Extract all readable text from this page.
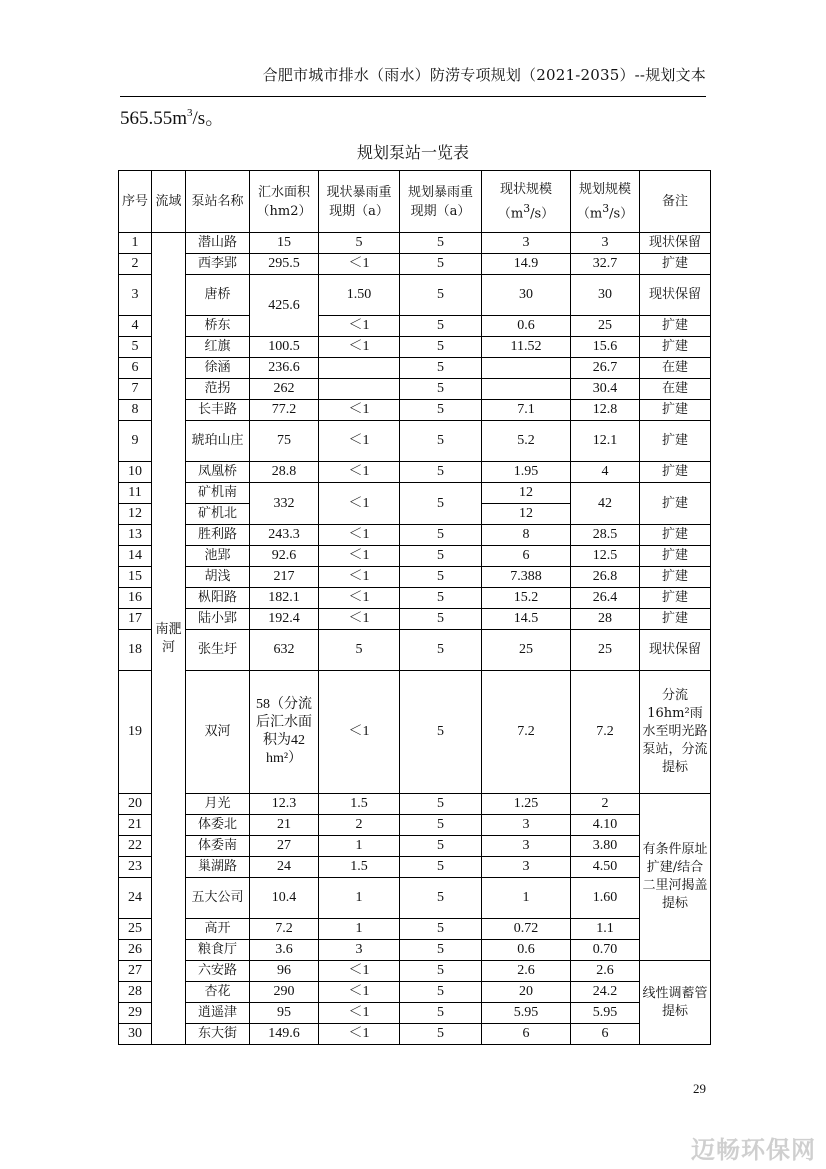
合肥市城市排水（雨水）防涝专项规划（2021-2035）--规划文本
$565.55m^3/s$。
规划泵站一览表
序号	流域	泵站名称	汇水面积（hm2）	现状暴雨重现期（a）	规划暴雨重现期（a）	现状规模$(m^3/s)$	规划规模$(m^3/s)$	备注
1	南淝河	潜山路	15	5	5	3	3	现状保留
2		西李郢	295.5	＜1	5	14.9	32.7	扩建
3		唐桥	425.6	1.50	5	30	30	现状保留
4		桥东		＜1	5	0.6	25	扩建
5		红旗	100.5	＜1	5	11.52	15.6	扩建
6		徐涵	236.6		5		26.7	在建
7		范拐	262		5		30.4	在建
8		长丰路	77.2	＜1	5	7.1	12.8	扩建
9		琥珀山庄	75	＜1	5	5.2	12.1	扩建
10		凤凰桥	28.8	＜1	5	1.95	4	扩建
11		矿机南	332	＜1	5	12	42	扩建
12		矿机北				12		
13		胜利路	243.3	＜1	5	8	28.5	扩建
14		池郢	92.6	＜1	5	6	12.5	扩建
15		胡浅	217	＜1	5	7.388	26.8	扩建
16		枞阳路	182.1	＜1	5	15.2	26.4	扩建
17		陆小郢	192.4	＜1	5	14.5	28	扩建
18		张生圩	632	5	5	25	25	现状保留
19		双河	58（分流后汇水面积为42 hm²）	＜1	5	7.2	7.2	分流16hm²雨水至明光路泵站，分流提标
20		月光	12.3	1.5	5	1.25	2	有条件原址扩建/结合二里河揭盖提标
21		体委北	21	2	5	3	4.10	
22		体委南	27	1	5	3	3.80	
23		巢湖路	24	1.5	5	3	4.50	
24		五大公司	10.4	1	5	1	1.60	
25		高开	7.2	1	5	0.72	1.1	
26		粮食厅	3.6	3	5	0.6	0.70	
27		六安路	96	＜1	5	2.6	2.6	线性调蓄管提标
28		杏花	290	＜1	5	20	24.2	
29		逍遥津	95	＜1	5	5.95	5.95	
30		东大街	149.6	＜1	5	6	6	
29
迈畅环保网
